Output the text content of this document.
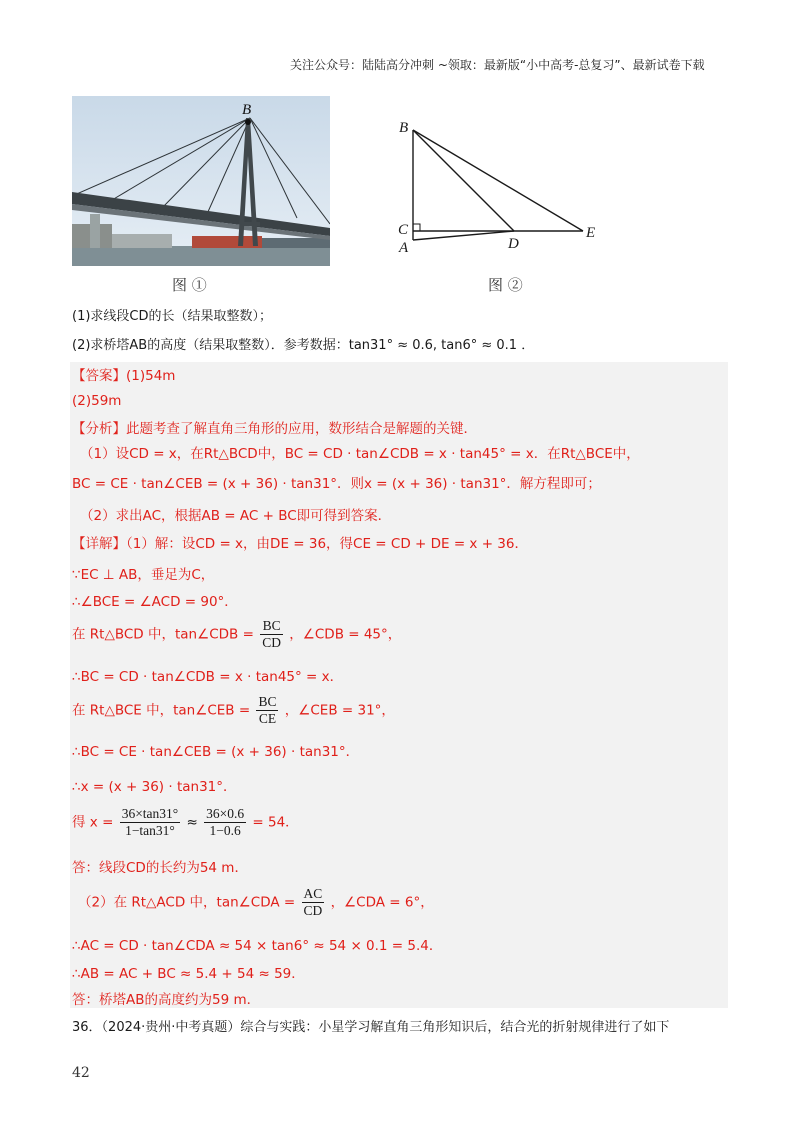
关注公众号：陆陆高分冲刺 ~领取：最新版“小中高考-总复习”、最新试卷下载
B
图 ①
B
C
A	D
E
图 ②
(1)求线段CD的长（结果取整数）；
(2)求桥塔AB的高度（结果取整数）．参考数据：tan31° ≈ 0.6, tan6° ≈ 0.1 ．
【答案】(1)54m
(2)59m
【分析】此题考查了解直角三角形的应用，数形结合是解题的关键．
（1）设CD = x，在Rt△BCD中，BC = CD · tan∠CDB = x · tan45° = x．在Rt△BCE中，
BC = CE · tan∠CEB = (x + 36) · tan31°．则x = (x + 36) · tan31°．解方程即可；
（2）求出AC，根据AB = AC + BC即可得到答案．
【详解】（1）解：设CD = x，由DE = 36，得CE = CD + DE = x + 36．
∵EC ⊥ AB，垂足为C，
∴∠BCE = ∠ACD = 90°．
在 Rt△BCD 中，tan∠CDB = $\frac{BC}{CD}$ ，∠CDB = 45°，
∴BC = CD · tan∠CDB = x · tan45° = x．
在 Rt△BCE 中，tan∠CEB = $\frac{BC}{CE}$ ，∠CEB = 31°，
∴BC = CE · tan∠CEB = (x + 36) · tan31°．
∴x = (x + 36) · tan31°．
得 $x = \frac{36\times\tan 31^\circ}{1-\tan 31^\circ} \approx \frac{36\times 0.6}{1-0.6} = 54$．
答：线段CD的长约为54 m．
（2）在 Rt△ACD 中，tan∠CDA = $\frac{AC}{CD}$ ，∠CDA = 6°，
∴AC = CD · tan∠CDA ≈ 54 × tan6° ≈ 54 × 0.1 = 5.4．
∴AB = AC + BC ≈ 5.4 + 54 ≈ 59．
答：桥塔AB的高度约为59 m．
36．（2024·贵州·中考真题）综合与实践：小星学习解直角三角形知识后，结合光的折射规律进行了如下
42
